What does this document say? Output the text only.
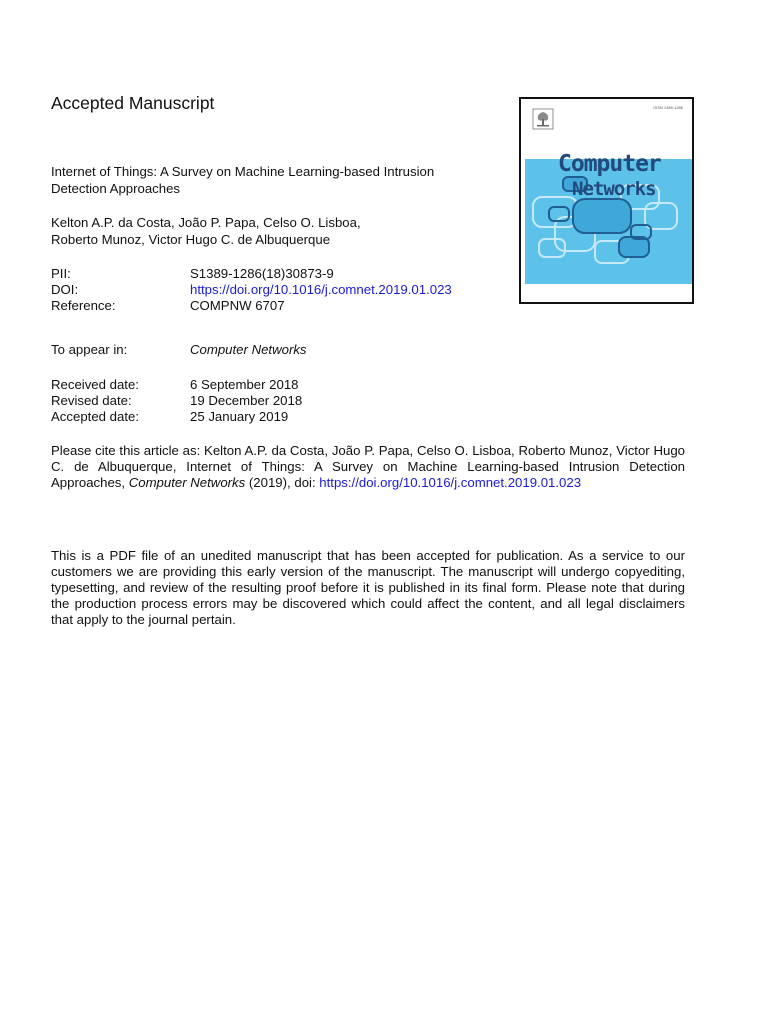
Accepted Manuscript
Internet of Things: A Survey on Machine Learning-based Intrusion Detection Approaches
Kelton A.P. da Costa, João P. Papa, Celso O. Lisboa,
Roberto Munoz, Victor Hugo C. de Albuquerque
PII:	S1389-1286(18)30873-9
DOI:	https://doi.org/10.1016/j.comnet.2019.01.023
Reference:	COMPNW 6707
To appear in:	Computer Networks
Received date:	6 September 2018
Revised date:	19 December 2018
Accepted date:	25 January 2019
Please cite this article as: Kelton A.P. da Costa, João P. Papa, Celso O. Lisboa, Roberto Munoz, Victor Hugo C. de Albuquerque, Internet of Things: A Survey on Machine Learning-based Intrusion Detection Approaches, Computer Networks (2019), doi: https://doi.org/10.1016/j.comnet.2019.01.023
This is a PDF file of an unedited manuscript that has been accepted for publication. As a service to our customers we are providing this early version of the manuscript. The manuscript will undergo copyediting, typesetting, and review of the resulting proof before it is published in its final form. Please note that during the production process errors may be discovered which could affect the content, and all legal disclaimers that apply to the journal pertain.
ISSN 1389-1286
Computer
Networks
